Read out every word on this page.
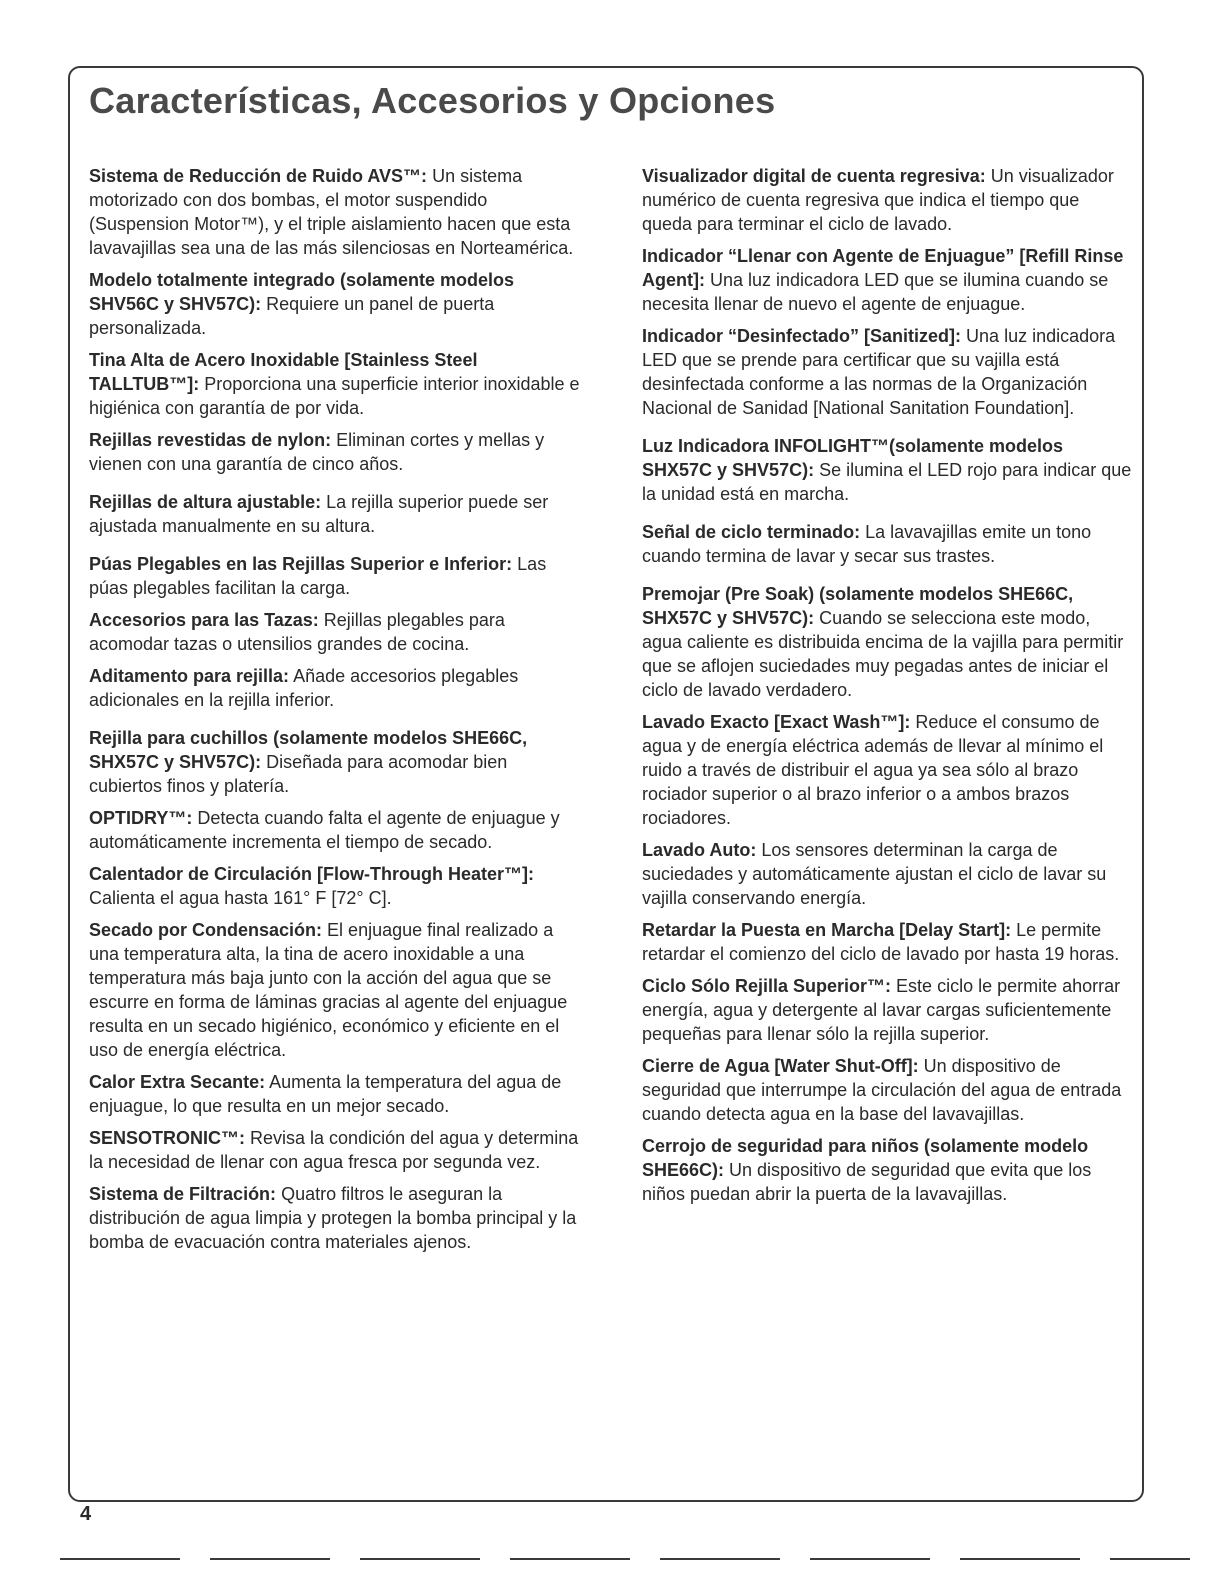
Características, Accesorios y Opciones

Sistema de Reducción de Ruido AVS™: Un sistema motorizado con dos bombas, el motor suspendido (Suspension Motor™), y el triple aislamiento hacen que esta lavavajillas sea una de las más silenciosas en Norteamérica.

Modelo totalmente integrado (solamente modelos SHV56C y SHV57C): Requiere un panel de puerta personalizada.

Tina Alta de Acero Inoxidable [Stainless Steel TALLTUB™]: Proporciona una superficie interior inoxidable e higiénica con garantía de por vida.

Rejillas revestidas de nylon: Eliminan cortes y mellas y vienen con una garantía de cinco años.

Rejillas de altura ajustable: La rejilla superior puede ser ajustada manualmente en su altura.

Púas Plegables en las Rejillas Superior e Inferior: Las púas plegables facilitan la carga.

Accesorios para las Tazas: Rejillas plegables para acomodar tazas o utensilios grandes de cocina.

Aditamento para rejilla: Añade accesorios plegables adicionales en la rejilla inferior.

Rejilla para cuchillos (solamente modelos SHE66C, SHX57C y SHV57C): Diseñada para acomodar bien cubiertos finos y platería.

OPTIDRY™: Detecta cuando falta el agente de enjuague y automáticamente incrementa el tiempo de secado.

Calentador de Circulación [Flow-Through Heater™]: Calienta el agua hasta 161° F [72° C].

Secado por Condensación: El enjuague final realizado a una temperatura alta, la tina de acero inoxidable a una temperatura más baja junto con la acción del agua que se escurre en forma de láminas gracias al agente del enjuague resulta en un secado higiénico, económico y eficiente en el uso de energía eléctrica.

Calor Extra Secante: Aumenta la temperatura del agua de enjuague, lo que resulta en un mejor secado.

SENSOTRONIC™: Revisa la condición del agua y determina la necesidad de llenar con agua fresca por segunda vez.

Sistema de Filtración: Quatro filtros le aseguran la distribución de agua limpia y protegen la bomba principal y la bomba de evacuación contra materiales ajenos.

Visualizador digital de cuenta regresiva: Un visualizador numérico de cuenta regresiva que indica el tiempo que queda para terminar el ciclo de lavado.

Indicador “Llenar con Agente de Enjuague” [Refill Rinse Agent]: Una luz indicadora LED que se ilumina cuando se necesita llenar de nuevo el agente de enjuague.

Indicador “Desinfectado” [Sanitized]: Una luz indicadora LED que se prende para certificar que su vajilla está desinfectada conforme a las normas de la Organización Nacional de Sanidad [National Sanitation Foundation].

Luz Indicadora INFOLIGHT™(solamente modelos SHX57C y SHV57C): Se ilumina el LED rojo para indicar que la unidad está en marcha.

Señal de ciclo terminado: La lavavajillas emite un tono cuando termina de lavar y secar sus trastes.

Premojar (Pre Soak) (solamente modelos SHE66C, SHX57C y SHV57C): Cuando se selecciona este modo, agua caliente es distribuida encima de la vajilla para permitir que se aflojen suciedades muy pegadas antes de iniciar el ciclo de lavado verdadero.

Lavado Exacto [Exact Wash™]: Reduce el consumo de agua y de energía eléctrica además de llevar al mínimo el ruido a través de distribuir el agua ya sea sólo al brazo rociador superior o al brazo inferior o a ambos brazos rociadores.

Lavado Auto: Los sensores determinan la carga de suciedades y automáticamente ajustan el ciclo de lavar su vajilla conservando energía.

Retardar la Puesta en Marcha [Delay Start]: Le permite retardar el comienzo del ciclo de lavado por hasta 19 horas.

Ciclo Sólo Rejilla Superior™: Este ciclo le permite ahorrar energía, agua y detergente al lavar cargas suficientemente pequeñas para llenar sólo la rejilla superior.

Cierre de Agua [Water Shut-Off]: Un dispositivo de seguridad que interrumpe la circulación del agua de entrada cuando detecta agua en la base del lavavajillas.

Cerrojo de seguridad para niños (solamente modelo SHE66C): Un dispositivo de seguridad que evita que los niños puedan abrir la puerta de la lavavajillas.

4
